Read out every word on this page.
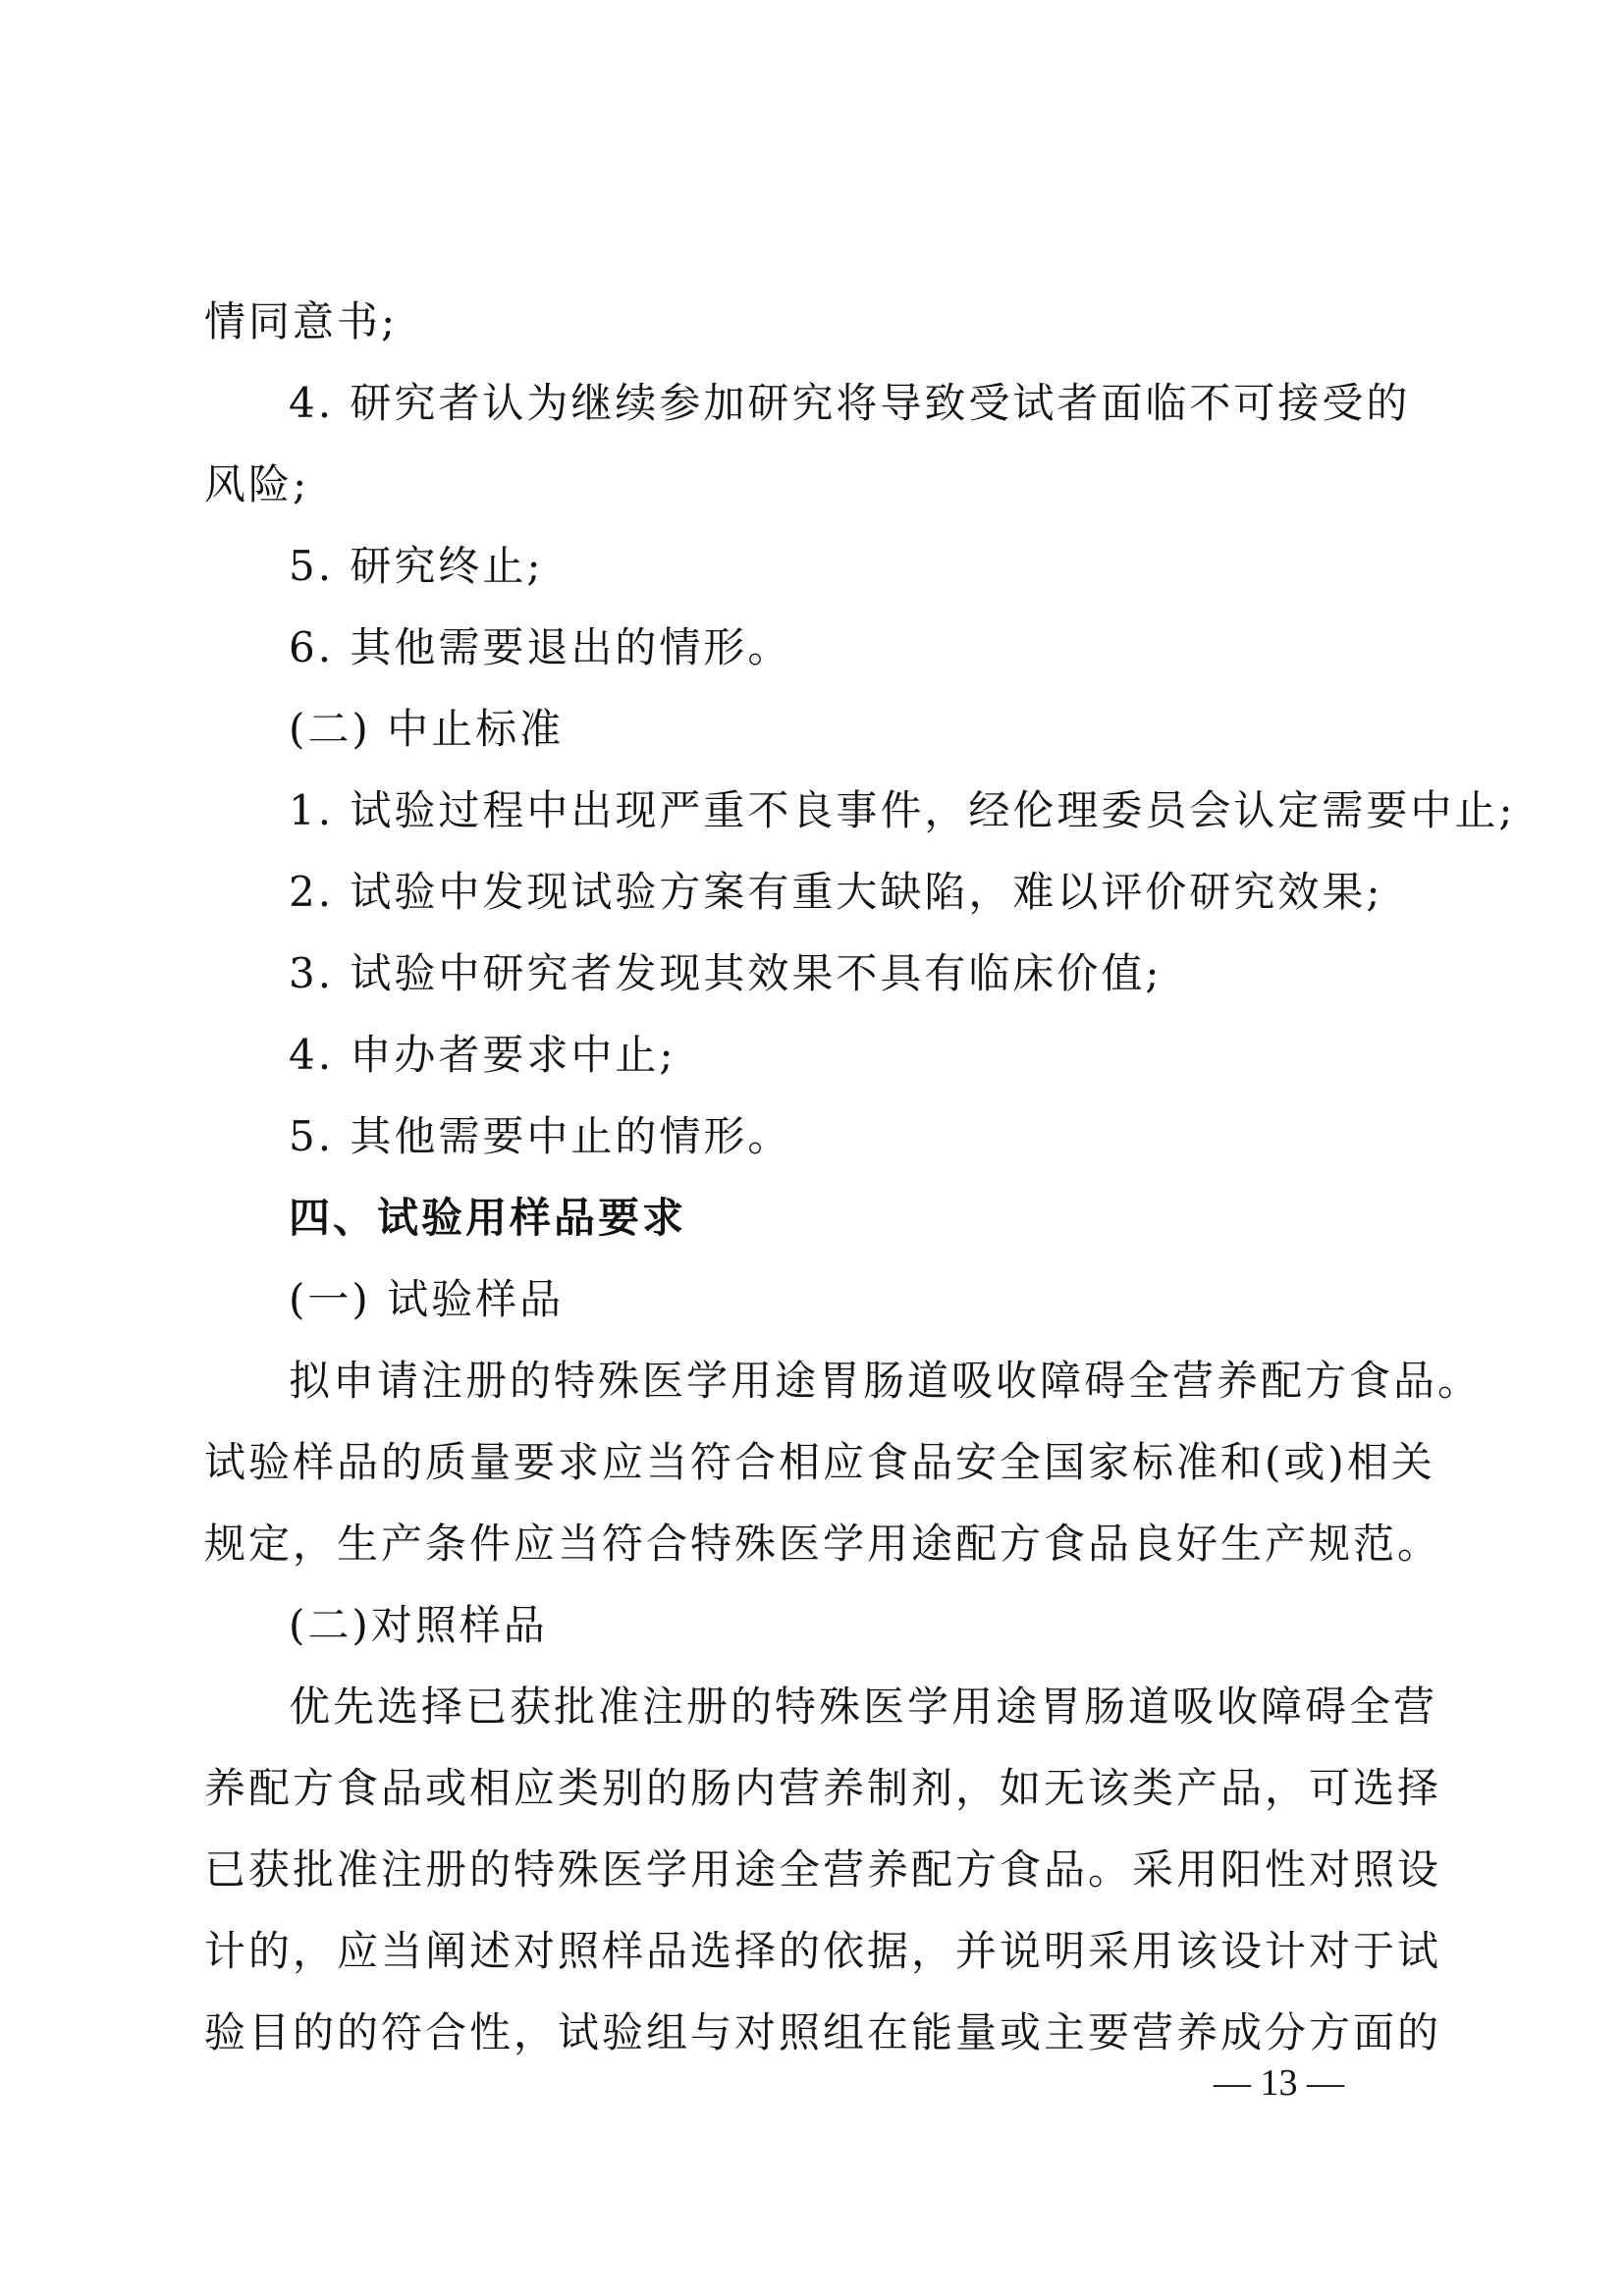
情同意书;
4. 研究者认为继续参加研究将导致受试者面临不可接受的
风险;
5. 研究终止;
6. 其他需要退出的情形。
(二) 中止标准
1. 试验过程中出现严重不良事件，经伦理委员会认定需要中止;
2. 试验中发现试验方案有重大缺陷，难以评价研究效果;
3. 试验中研究者发现其效果不具有临床价值;
4. 申办者要求中止;
5. 其他需要中止的情形。
四、试验用样品要求
(一) 试验样品
拟申请注册的特殊医学用途胃肠道吸收障碍全营养配方食品。
试验样品的质量要求应当符合相应食品安全国家标准和(或)相关
规定，生产条件应当符合特殊医学用途配方食品良好生产规范。
(二)对照样品
优先选择已获批准注册的特殊医学用途胃肠道吸收障碍全营
养配方食品或相应类别的肠内营养制剂，如无该类产品，可选择
已获批准注册的特殊医学用途全营养配方食品。采用阳性对照设
计的，应当阐述对照样品选择的依据，并说明采用该设计对于试
验目的的符合性，试验组与对照组在能量或主要营养成分方面的
— 13 —
